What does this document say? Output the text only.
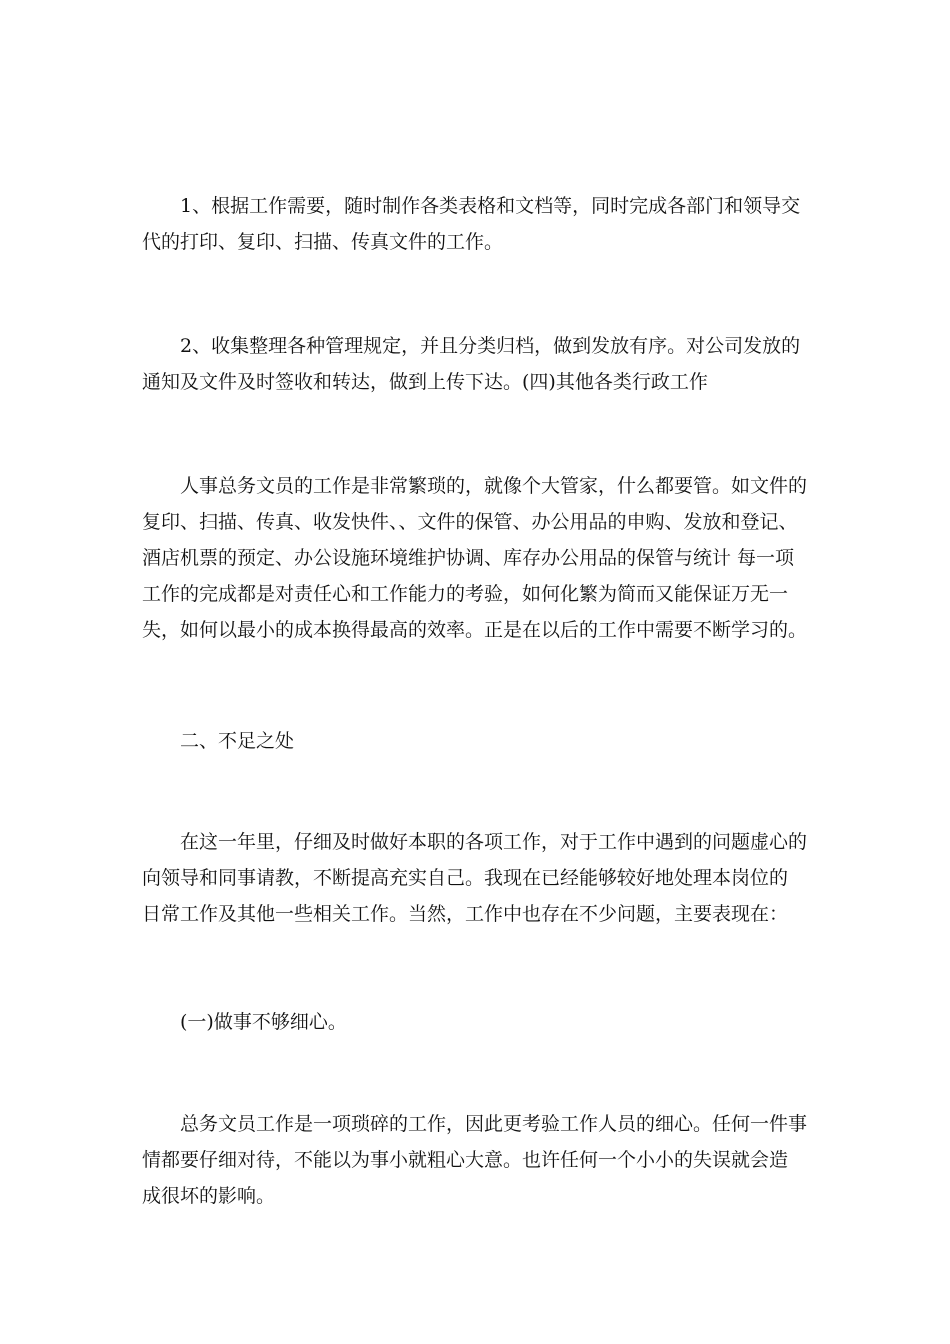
1、根据工作需要，随时制作各类表格和文档等，同时完成各部门和领导交
代的打印、复印、扫描、传真文件的工作。

2、收集整理各种管理规定，并且分类归档，做到发放有序。对公司发放的
通知及文件及时签收和转达，做到上传下达。(四)其他各类行政工作

人事总务文员的工作是非常繁琐的，就像个大管家，什么都要管。如文件的
复印、扫描、传真、收发快件、、文件的保管、办公用品的申购、发放和登记、
酒店机票的预定、办公设施环境维护协调、库存办公用品的保管与统计 每一项
工作的完成都是对责任心和工作能力的考验，如何化繁为简而又能保证万无一
失，如何以最小的成本换得最高的效率。正是在以后的工作中需要不断学习的。

二、不足之处

在这一年里，仔细及时做好本职的各项工作，对于工作中遇到的问题虚心的
向领导和同事请教，不断提高充实自己。我现在已经能够较好地处理本岗位的
日常工作及其他一些相关工作。当然，工作中也存在不少问题，主要表现在：

(一)做事不够细心。

总务文员工作是一项琐碎的工作，因此更考验工作人员的细心。任何一件事
情都要仔细对待，不能以为事小就粗心大意。也许任何一个小小的失误就会造
成很坏的影响。
